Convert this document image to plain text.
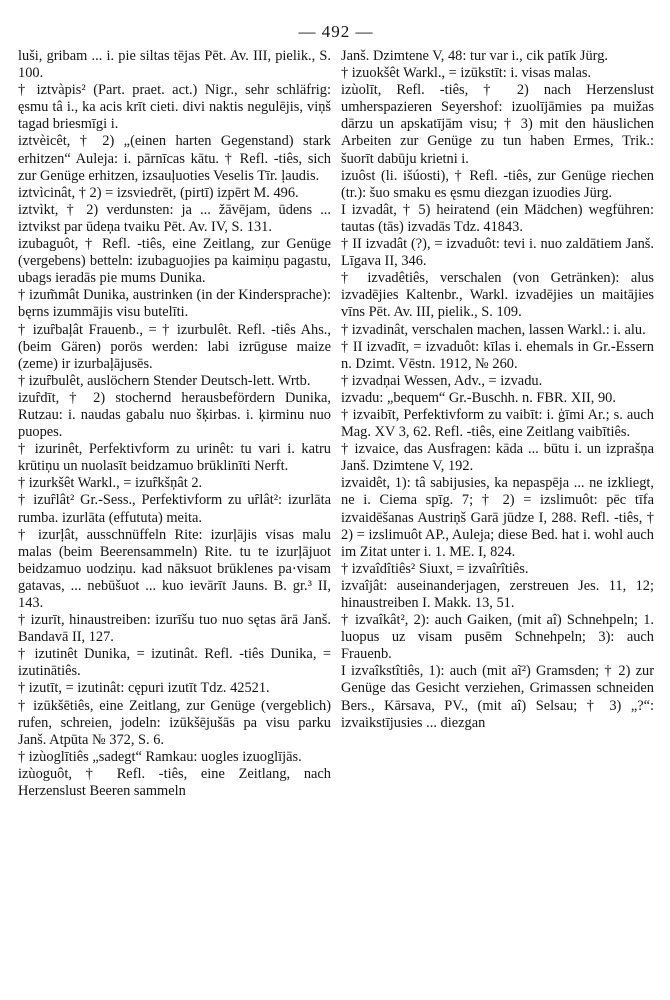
— 492 —

luši, gribam ... i. pie siltas tējas Pēt. Av. III, pielik., S. 100.

† iztvàpis² (Part. praet. act.) Nigr., sehr schläfrig: ęsmu tâ i., ka acis krīt cieti. divi naktis negulējis, viņš tagad briesmīgi i.

iztvèicêt, † 2) „(einen harten Gegenstand) stark erhitzen“ Auleja: i. pārnīcas kātu. † Refl. -tiês, sich zur Genüge erhitzen, izsauļuoties Veselis Tīr. ļaudis.

iztvìcinât, † 2) = izsviedrēt, (pirtī) izpērt M. 496.

iztvìkt, † 2) verdunsten: ja ... žāvējam, ūdens ... iztvikst par ūdeņa tvaiku Pēt. Av. IV, S. 131.

izubaguôt, † Refl. -tiês, eine Zeitlang, zur Genüge (vergebens) betteln: izubaguojies pa kaimiņu pagastu, ubags ieradās pie mums Dunika.

† izum̃mât Dunika, austrinken (in der Kindersprache): bęrns izummājis visu butelīti.

† izuȓbaļât Frauenb., = † izurbulêt. Refl. -tiês Ahs., (beim Gären) porös werden: labi izrūguse maize (zeme) ir izurbaļājusēs.

† izuȓbulêt, auslöchern Stender Deutsch-lett. Wrtb.

izuȓdīt, † 2) stochernd herausbefördern Dunika, Rutzau: i. naudas gabalu nuo šķirbas. i. ķirminu nuo puopes.

† izurinêt, Perfektivform zu urinêt: tu vari i. katru krūtiņu un nuolasīt beidzamuo brūklinīti Nerft.

† izurkšêt Warkl., = izuȓkšņât 2.

† izuȓlât² Gr.-Sess., Perfektivform zu uȓlât²: izurlāta rumba. izurlāta (effututa) meita.

† izurļât, ausschnüffeln Rite: izurļājis visas malu malas (beim Beerensammeln) Rite. tu te izurļājuot beidzamuo uodziņu. kad nāksuot brūklenes pa·visam gatavas, ... nebūšuot ... kuo ievārīt Jauns. B. gr.³ II, 143.

† izurīt, hinaustreiben: izurīšu tuo nuo sętas ārā Janš. Bandavā II, 127.

† izutinêt Dunika, = izutinât. Refl. -tiês Dunika, = izutinātiês.

† izutīt, = izutinât: cępuri izutīt Tdz. 42521.

† izūkšētiês, eine Zeitlang, zur Genüge (vergeblich) rufen, schreien, jodeln: izūkšējušās pa visu parku Janš. Atpūta № 372, S. 6.

† izùoglītiês „sadegt“ Ramkau: uogles izuoglījās.

izùoguôt, † Refl. -tiês, eine Zeitlang, nach Herzenslust Beeren sammeln

Janš. Dzimtene V, 48: tur var i., cik patīk Jürg.

† izuokšêt Warkl., = izūkstīt: i. visas malas.

izùolīt, Refl. -tiês, † 2) nach Herzenslust umherspazieren Seyershof: izuolījāmies pa muižas dārzu un apskatījām visu; † 3) mit den häuslichen Arbeiten zur Genüge zu tun haben Ermes, Trik.: šuorīt dabūju krietni i.

izuôst (li. išúosti), † Refl. -tiês, zur Genüge riechen (tr.): šuo smaku es ęsmu diezgan izuodies Jürg.

I izvadât, † 5) heiratend (ein Mädchen) wegführen: tautas (tās) izvadās Tdz. 41843.

† II izvadât (?), = izvaduôt: tevi i. nuo zaldātiem Janš. Līgava II, 346.

† izvadêtiês, verschalen (von Getränken): alus izvadējies Kaltenbr., Warkl. izvadējies un maitājies vīns Pēt. Av. III, pielik., S. 109.

† izvadinât, verschalen machen, lassen Warkl.: i. alu.

† II izvadīt, = izvaduôt: kīlas i. ehemals in Gr.-Essern n. Dzimt. Vēstn. 1912, № 260.

† izvadņai Wessen, Adv., = izvadu.

izvadu: „bequem“ Gr.-Buschh. n. FBR. XII, 90.

† izvaibīt, Perfektivform zu vaibīt: i. ģīmi Ar.; s. auch Mag. XV 3, 62. Refl. -tiês, eine Zeitlang vaibītiês.

† izvaice, das Ausfragen: kāda ... būtu i. un izprašņa Janš. Dzimtene V, 192.

izvaidêt, 1): tâ sabijusies, ka nepaspēja ... ne izkliegt, ne i. Ciema spīg. 7; † 2) = izslimuôt: pēc tīfa izvaidēšanas Austriņš Garā jūdze I, 288. Refl. -tiês, † 2) = izslimuôt AP., Auleja; diese Bed. hat i. wohl auch im Zitat unter i. 1. ME. I, 824.

† izvaîdîtiês² Siuxt, = izvaîrîtiês.

izvaîjât: auseinanderjagen, zerstreuen Jes. 11, 12; hinaustreiben I. Makk. 13, 51.

† izvaîkât², 2): auch Gaiken, (mit aî) Schnehpeln; 1. luopus uz visam pusēm Schnehpeln; 3): auch Frauenb.

I izvaîkstîtiês, 1): auch (mit aĩ²) Gramsden; † 2) zur Genüge das Gesicht verziehen, Grimassen schneiden Bers., Kārsava, PV., (mit aî) Selsau; † 3) „?“: izvaikstījusies ... diezgan
